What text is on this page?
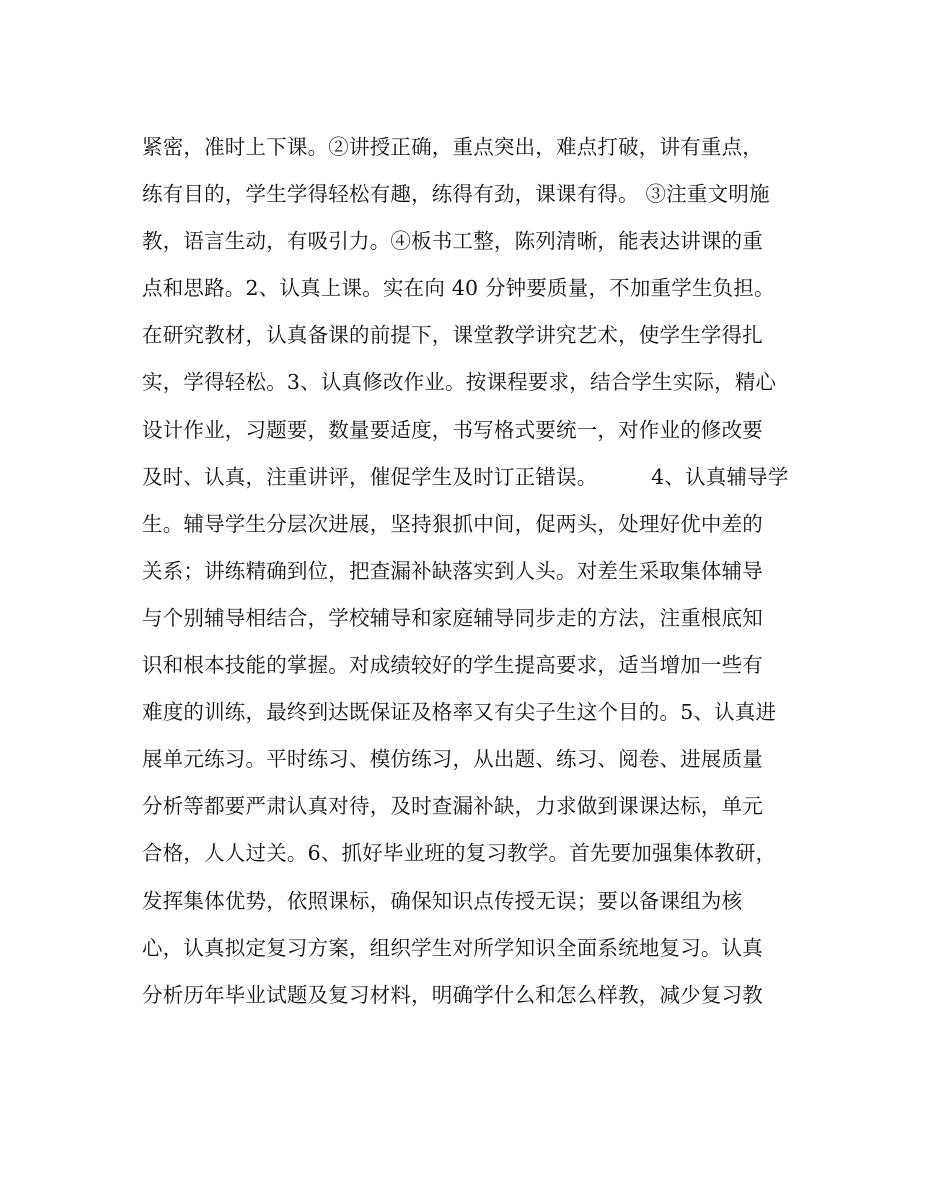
紧密，准时上下课。②讲授正确，重点突出，难点打破，讲有重点，
练有目的，学生学得轻松有趣，练得有劲，课课有得。 ③注重文明施
教，语言生动，有吸引力。④板书工整，陈列清晰，能表达讲课的重
点和思路。2、认真上课。实在向 40 分钟要质量，不加重学生负担。
在研究教材，认真备课的前提下，课堂教学讲究艺术，使学生学得扎
实，学得轻松。3、认真修改作业。按课程要求，结合学生实际，精心
设计作业，习题要，数量要适度，书写格式要统一，对作业的修改要
及时、认真，注重讲评，催促学生及时订正错误。        4、认真辅导学
生。辅导学生分层次进展，坚持狠抓中间，促两头，处理好优中差的
关系；讲练精确到位，把查漏补缺落实到人头。对差生采取集体辅导
与个别辅导相结合，学校辅导和家庭辅导同步走的方法，注重根底知
识和根本技能的掌握。对成绩较好的学生提高要求，适当增加一些有
难度的训练，最终到达既保证及格率又有尖子生这个目的。5、认真进
展单元练习。平时练习、模仿练习，从出题、练习、阅卷、进展质量
分析等都要严肃认真对待，及时查漏补缺，力求做到课课达标，单元
合格，人人过关。6、抓好毕业班的复习教学。首先要加强集体教研，
发挥集体优势，依照课标，确保知识点传授无误；要以备课组为核
心，认真拟定复习方案，组织学生对所学知识全面系统地复习。认真
分析历年毕业试题及复习材料，明确学什么和怎么样教，减少复习教
